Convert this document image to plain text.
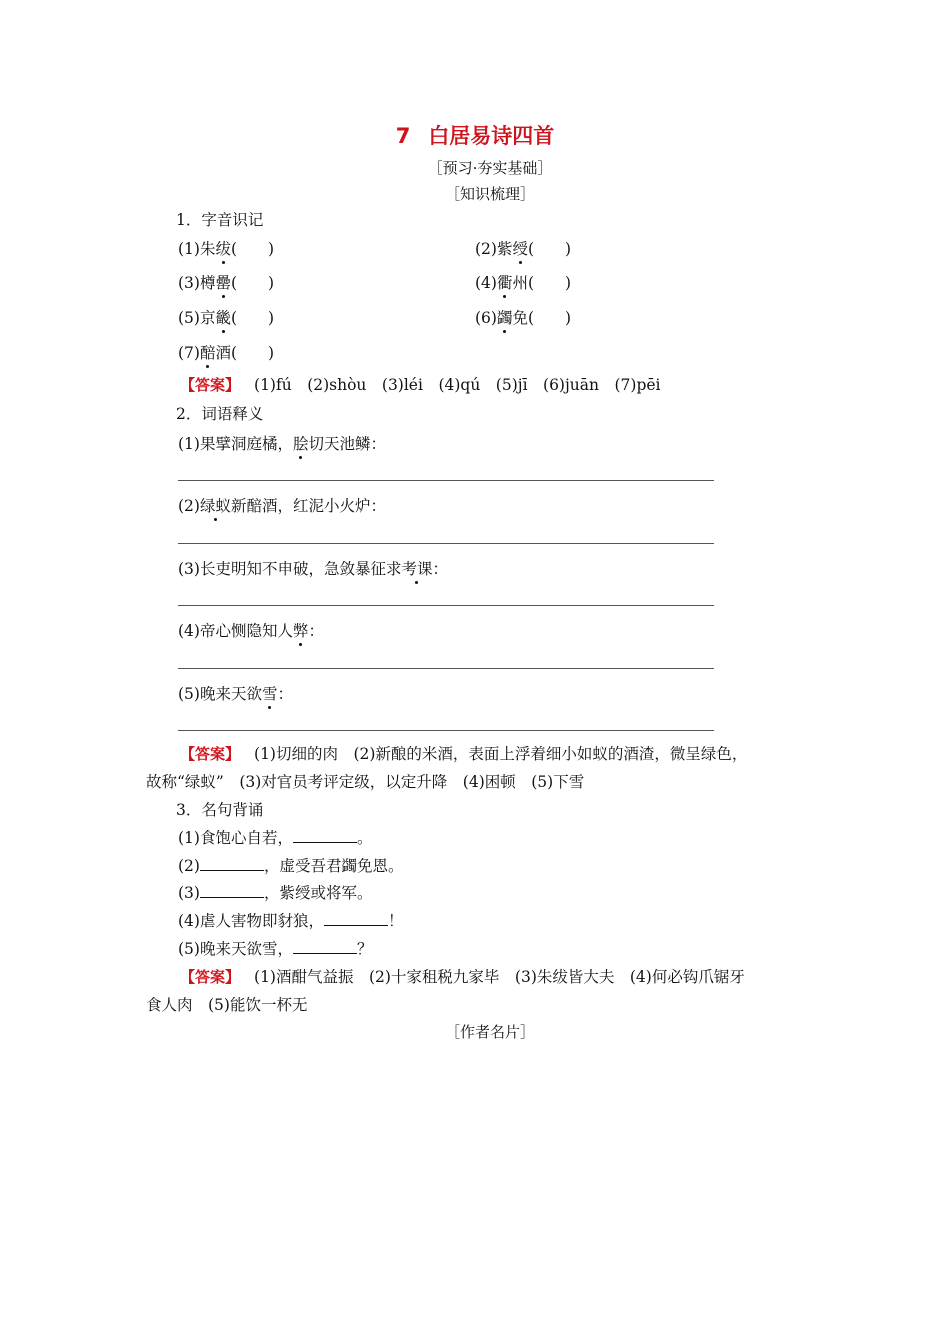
7 白居易诗四首
［预习·夯实基础］
［知识梳理］
1．字音识记
(1)朱绂(　　)	(2)紫绶(　　)
(3)樽罍(　　)	(4)衢州(　　)
(5)京畿(　　)	(6)蠲免(　　)
(7)醅酒(　　)
【答案】 (1)fú　(2)shòu　(3)léi　(4)qú　(5)jī　(6)juān　(7)pēi
2．词语释义
(1)果擘洞庭橘，脍切天池鳞：
(2)绿蚁新醅酒，红泥小火炉：
(3)长吏明知不申破，急敛暴征求考课：
(4)帝心恻隐知人弊：
(5)晚来天欲雪：
【答案】 (1)切细的肉　(2)新酿的米酒，表面上浮着细小如蚁的酒渣，微呈绿色，
故称“绿蚁”　(3)对官员考评定级，以定升降　(4)困顿　(5)下雪
3．名句背诵
(1)食饱心自若，	。
(2)	，虚受吾君蠲免恩。
(3)	，紫绶或将军。
(4)虐人害物即豺狼，	！
(5)晚来天欲雪，	？
【答案】 (1)酒酣气益振　(2)十家租税九家毕　(3)朱绂皆大夫　(4)何必钩爪锯牙
食人肉　(5)能饮一杯无
［作者名片］
